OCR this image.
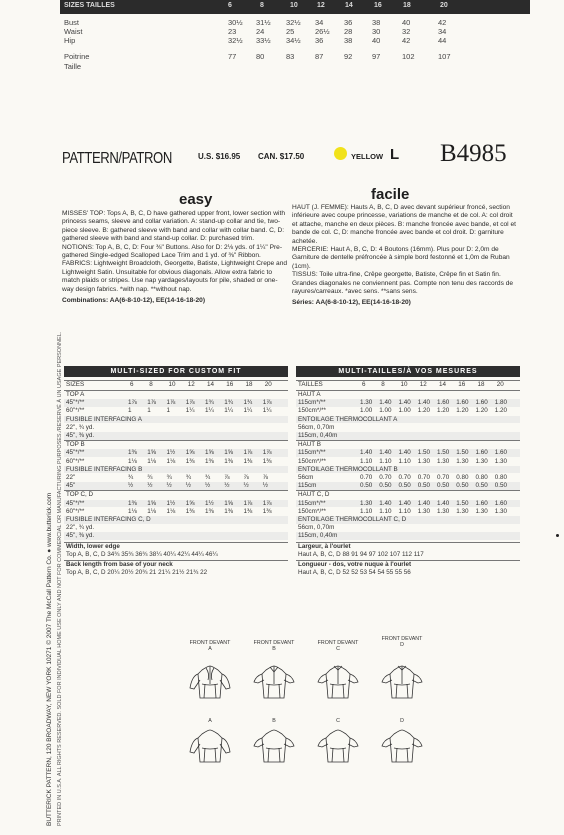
SIZES TAILLES	6	8	10	12	14	16	18	20
Bust	30½ 31½ 32½ 34	36	38	40	42
Waist	23	24	25	26½ 28	30	32	34
Hip	32½ 33½ 34½ 36	38	40	42	44
Poitrine	77	80	83	87	92	97	102	107
Taille
PATTERN/PATRON	U.S. $16.95 CAN. $17.50	YELLOW L B4985
easy	facile

MISSES' TOP: Tops A, B, C, D have gathered upper front, lower section with princess seams, sleeve and collar variation. A: stand-up collar and tie, two-piece sleeve. B: gathered sleeve with band and collar with collar band. C, D: gathered sleeve with band and stand-up collar. D: purchased trim.

NOTIONS: Top A, B, C, D: Four ⅜" Buttons. Also for D: 2⅛ yds. of 1¼" Pre-gathered Single-edged Scalloped Lace Trim and 1 yd. of ⅜" Ribbon.

FABRICS: Lightweight Broadcloth, Georgette, Batiste, Lightweight Crepe and Lightweight Satin. Unsuitable for obvious diagonals. Allow extra fabric to match plaids or stripes. Use nap yardages/layouts for pile, shaded or one-way design fabrics. *with nap. **without nap.

Combinations: AA(6-8-10-12), EE(14-16-18-20)

HAUT (J. FEMME): Hauts A, B, C, D avec devant supérieur froncé, section inférieure avec coupe princesse, variations de manche et de col. A: col droit et attache, manche en deux pièces. B: manche froncée avec bande, et col et bande de col. C, D: manche froncée avec bande et col droit. D: garniture achetée.

MERCERIE: Haut A, B, C, D: 4 Boutons (16mm). Plus pour D: 2,0m de Garniture de dentelle préfroncée à simple bord festonné et 1,0m de Ruban (1cm).

TISSUS: Toile ultra-fine, Crêpe georgette, Batiste, Crêpe fin et Satin fin. Grandes diagonales ne conviennent pas. Compte non tenu des raccords de rayures/carreaux. *avec sens. **sans sens.

Séries: AA(6-8-10-12), EE(14-16-18-20)

MULTI-SIZED FOR CUSTOM FIT
SIZES	6 8 10 12 14 16 18 20
TOP A
45"*/**	1⅞ 1⅞ 1⅞ 1⅞ 1¾ 1¾ 1¾ 1⅞
60"*/**	1 1 1 1¼ 1¼ 1¼ 1¼ 1¼
FUSIBLE INTERFACING A
22", ¾ yd.
45", ⅜ yd.
TOP B
45"*/**	1⅜ 1⅝ 1½ 1⅝ 1⅝ 1⅝ 1⅞ 1⅞
60"*/**	1⅛ 1⅛ 1⅛ 1⅜ 1⅜ 1⅜ 1⅜ 1⅜
FUSIBLE INTERFACING B
22"	¾ ¾ ¾ ¾ ¾ ⅞ ⅞ ⅞
45"	½ ½ ½ ½ ½ ½ ½ ½
TOP C, D
45"*/**	1⅜ 1⅝ 1½ 1⅝ 1½ 1⅝ 1⅞ 1⅞
60"*/**	1⅛ 1⅛ 1⅛ 1⅜ 1⅜ 1⅜ 1⅜ 1⅜
FUSIBLE INTERFACING C, D
22", ¾ yd.
45", ⅜ yd.
Width, lower edge
Top A, B, C, D 34¾ 35¾ 36¾ 38¼ 40¼ 42¼ 44¼ 46¼
Back length from base of your neck
Top A, B, C, D 20¼ 20½ 20¾ 21 21¼ 21½ 21¾ 22
MULTI-TAILLES/À VOS MESURES
TAILLES	6 8 10 12 14 16 18 20
HAUT A
115cm*/**	1.30 1.40 1.40 1.40 1.60 1.60 1.60 1.80
150cm*/**	1.00 1.00 1.00 1.20 1.20 1.20 1.20 1.20
ENTOILAGE THERMOCOLLANT A
56cm, 0,70m
115cm, 0,40m
HAUT B
115cm*/**	1.40 1.40 1.40 1.50 1.50 1.50 1.60 1.60
150cm*/**	1.10 1.10 1.10 1.30 1.30 1.30 1.30 1.30
ENTOILAGE THERMOCOLLANT B
56cm	0.70 0.70 0.70 0.70 0.70 0.80 0.80 0.80
115cm	0.50 0.50 0.50 0.50 0.50 0.50 0.50 0.50
HAUT C, D
115cm*/**	1.30 1.40 1.40 1.40 1.40 1.50 1.60 1.60
150cm*/**	1.10 1.10 1.10 1.30 1.30 1.30 1.30 1.30
ENTOILAGE THERMOCOLLANT C, D
56cm, 0,70m
115cm, 0,40m
Largeur, à l'ourlet
Haut A, B, C, D 88 91 94 97 102 107 112 117
Longueur - dos, votre nuque à l'ourlet
Haut A, B, C, D 52 52 53 54 54 55 55 56
FRONT DEVANT A
A
FRONT DEVANT B
B
FRONT DEVANT C
C
FRONT DEVANT D
D
BUTTERICK PATTERN, 120 BROADWAY, NEW YORK 10271 © 2007 The McCall Pattern Co. ● www.butterick.com PRINTED IN U.S.A. ALL RIGHTS RESERVED. SOLD FOR INDIVIDUAL HOME USE ONLY AND NOT FOR COMMERCIAL OR MANUFACTURING PURPOSES./RESERVÉ À UN USAGE PERSONNEL.
